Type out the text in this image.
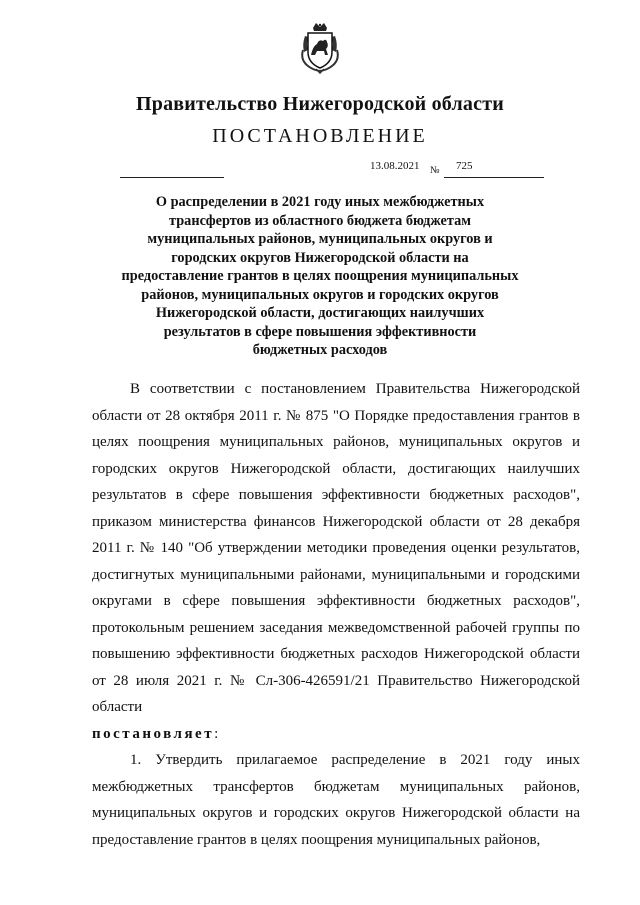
Правительство Нижегородской области
ПОСТАНОВЛЕНИЕ
13.08.2021 № 725
О распределении в 2021 году иных межбюджетных
трансфертов из областного бюджета бюджетам
муниципальных районов, муниципальных округов и
городских округов Нижегородской области на
предоставление грантов в целях поощрения муниципальных
районов, муниципальных округов и городских округов
Нижегородской области, достигающих наилучших
результатов в сфере повышения эффективности
бюджетных расходов

В соответствии с постановлением Правительства Нижегородской области от 28 октября 2011 г. № 875 "О Порядке предоставления грантов в целях поощрения муниципальных районов, муниципальных округов и городских округов Нижегородской области, достигающих наилучших результатов в сфере повышения эффективности бюджетных расходов", приказом министерства финансов Нижегородской области от 28 декабря 2011 г. № 140 "Об утверждении методики проведения оценки результатов, достигнутых муниципальными районами, муниципальными и городскими округами в сфере повышения эффективности бюджетных расходов", протокольным решением заседания межведомственной рабочей группы по повышению эффективности бюджетных расходов Нижегородской области от 28 июля 2021 г. № Сл-306-426591/21 Правительство Нижегородской области

постановляет:

1. Утвердить прилагаемое распределение в 2021 году иных межбюджетных трансфертов бюджетам муниципальных районов, муниципальных округов и городских округов Нижегородской области на предоставление грантов в целях поощрения муниципальных районов,
